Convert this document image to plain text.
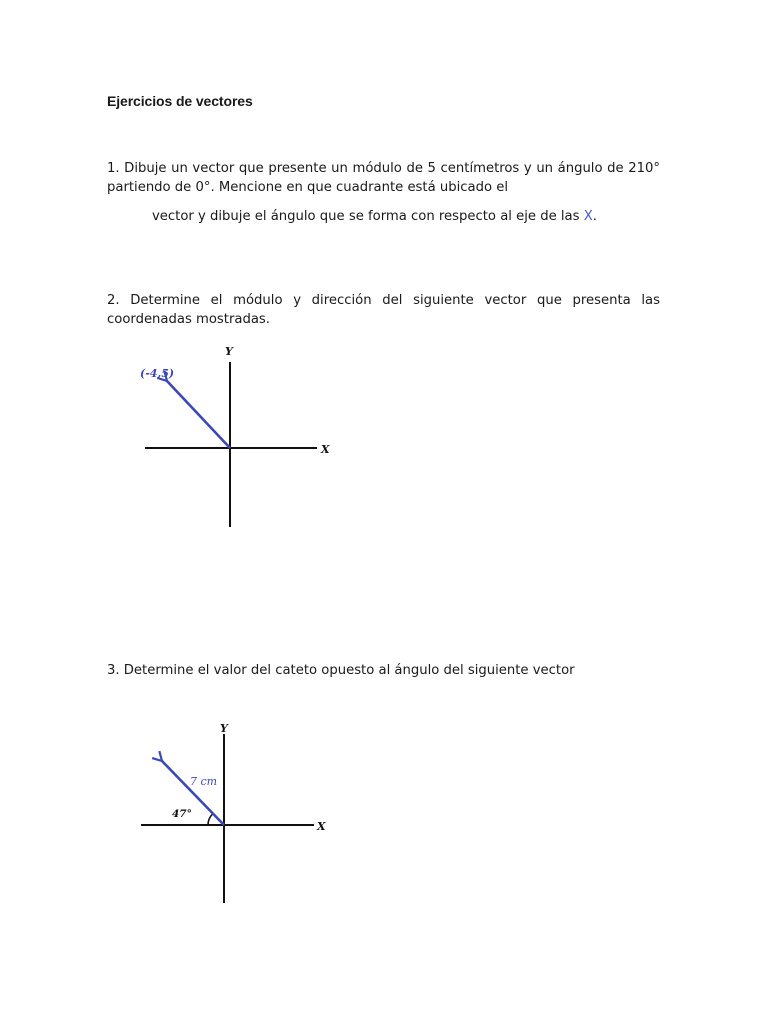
Ejercicios de vectores
1. Dibuje un vector que presente un módulo de 5 centímetros y un ángulo de 210° partiendo de 0°. Mencione en que cuadrante está ubicado el
vector y dibuje el ángulo que se forma con respecto al eje de las X.
2. Determine el módulo y dirección del siguiente vector que presenta las coordenadas mostradas.
Y
X
(-4,5)
3. Determine el valor del cateto opuesto al ángulo del siguiente vector
Y
X
7 cm
47°
